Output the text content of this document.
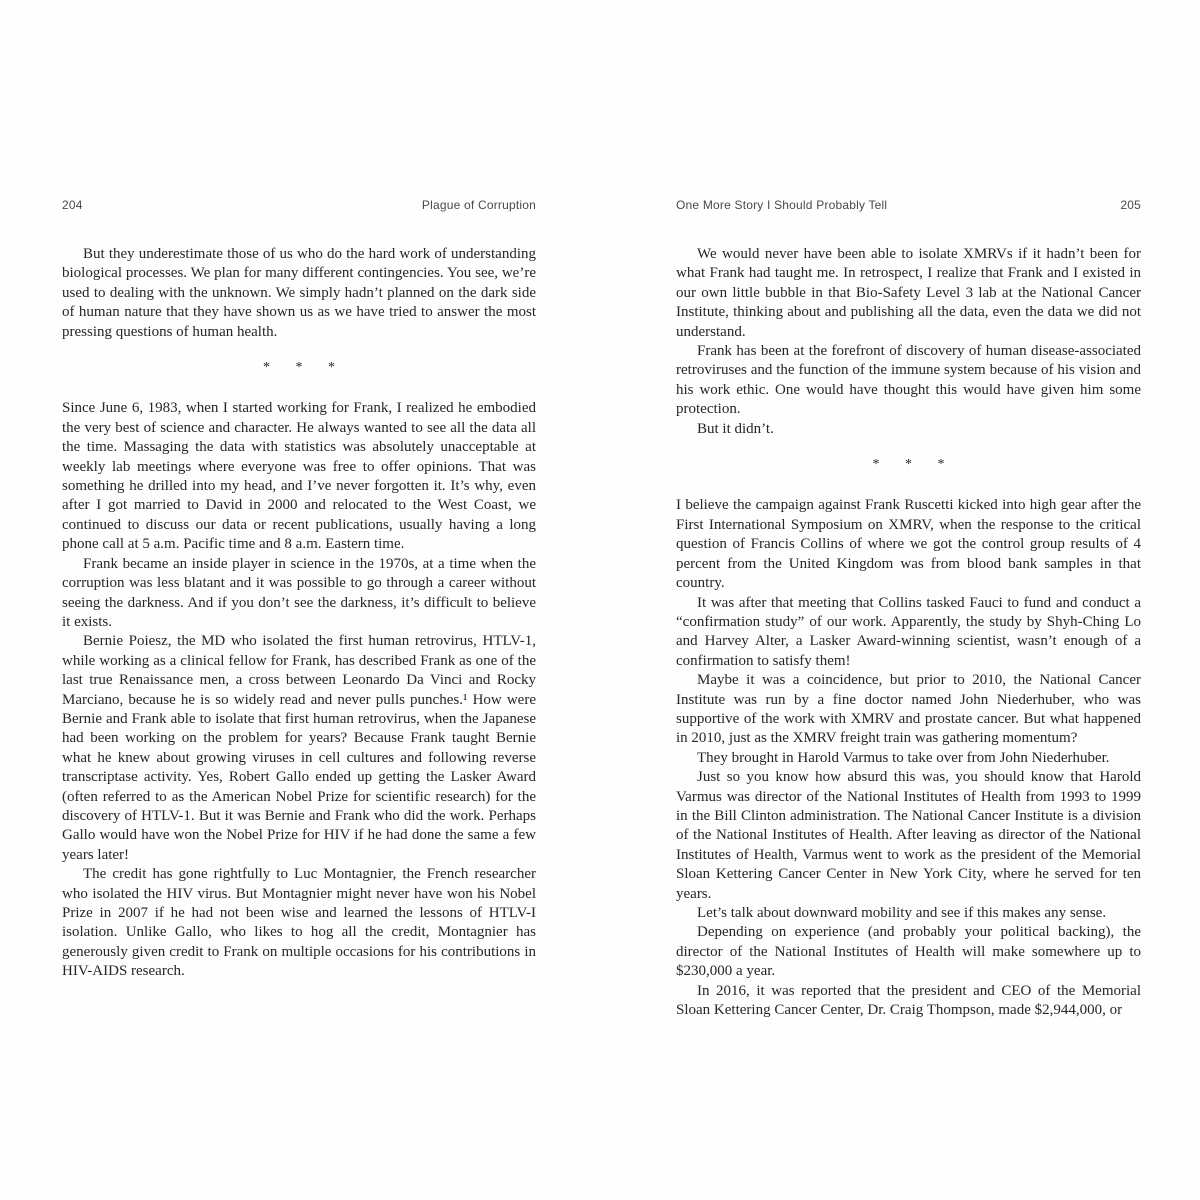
204	Plague of Corruption

But they underestimate those of us who do the hard work of understanding biological processes. We plan for many different contingencies. You see, we’re used to dealing with the unknown. We simply hadn’t planned on the dark side of human nature that they have shown us as we have tried to answer the most pressing questions of human health.

* * *

Since June 6, 1983, when I started working for Frank, I realized he embodied the very best of science and character. He always wanted to see all the data all the time. Massaging the data with statistics was absolutely unacceptable at weekly lab meetings where everyone was free to offer opinions. That was something he drilled into my head, and I’ve never forgotten it. It’s why, even after I got married to David in 2000 and relocated to the West Coast, we continued to discuss our data or recent publications, usually having a long phone call at 5 a.m. Pacific time and 8 a.m. Eastern time.

Frank became an inside player in science in the 1970s, at a time when the corruption was less blatant and it was possible to go through a career without seeing the darkness. And if you don’t see the darkness, it’s difficult to believe it exists.

Bernie Poiesz, the MD who isolated the first human retrovirus, HTLV-1, while working as a clinical fellow for Frank, has described Frank as one of the last true Renaissance men, a cross between Leonardo Da Vinci and Rocky Marciano, because he is so widely read and never pulls punches.¹ How were Bernie and Frank able to isolate that first human retrovirus, when the Japanese had been working on the problem for years? Because Frank taught Bernie what he knew about growing viruses in cell cultures and following reverse transcriptase activity. Yes, Robert Gallo ended up getting the Lasker Award (often referred to as the American Nobel Prize for scientific research) for the discovery of HTLV-1. But it was Bernie and Frank who did the work. Perhaps Gallo would have won the Nobel Prize for HIV if he had done the same a few years later!

The credit has gone rightfully to Luc Montagnier, the French researcher who isolated the HIV virus. But Montagnier might never have won his Nobel Prize in 2007 if he had not been wise and learned the lessons of HTLV-I isolation. Unlike Gallo, who likes to hog all the credit, Montagnier has generously given credit to Frank on multiple occasions for his contributions in HIV-AIDS research.

One More Story I Should Probably Tell	205

We would never have been able to isolate XMRVs if it hadn’t been for what Frank had taught me. In retrospect, I realize that Frank and I existed in our own little bubble in that Bio-Safety Level 3 lab at the National Cancer Institute, thinking about and publishing all the data, even the data we did not understand.

Frank has been at the forefront of discovery of human disease-associated retroviruses and the function of the immune system because of his vision and his work ethic. One would have thought this would have given him some protection.

But it didn’t.

* * *

I believe the campaign against Frank Ruscetti kicked into high gear after the First International Symposium on XMRV, when the response to the critical question of Francis Collins of where we got the control group results of 4 percent from the United Kingdom was from blood bank samples in that country.

It was after that meeting that Collins tasked Fauci to fund and conduct a “confirmation study” of our work. Apparently, the study by Shyh-Ching Lo and Harvey Alter, a Lasker Award-winning scientist, wasn’t enough of a confirmation to satisfy them!

Maybe it was a coincidence, but prior to 2010, the National Cancer Institute was run by a fine doctor named John Niederhuber, who was supportive of the work with XMRV and prostate cancer. But what happened in 2010, just as the XMRV freight train was gathering momentum?

They brought in Harold Varmus to take over from John Niederhuber.

Just so you know how absurd this was, you should know that Harold Varmus was director of the National Institutes of Health from 1993 to 1999 in the Bill Clinton administration. The National Cancer Institute is a division of the National Institutes of Health. After leaving as director of the National Institutes of Health, Varmus went to work as the president of the Memorial Sloan Kettering Cancer Center in New York City, where he served for ten years.

Let’s talk about downward mobility and see if this makes any sense.

Depending on experience (and probably your political backing), the director of the National Institutes of Health will make somewhere up to $230,000 a year.

In 2016, it was reported that the president and CEO of the Memorial Sloan Kettering Cancer Center, Dr. Craig Thompson, made $2,944,000, or
